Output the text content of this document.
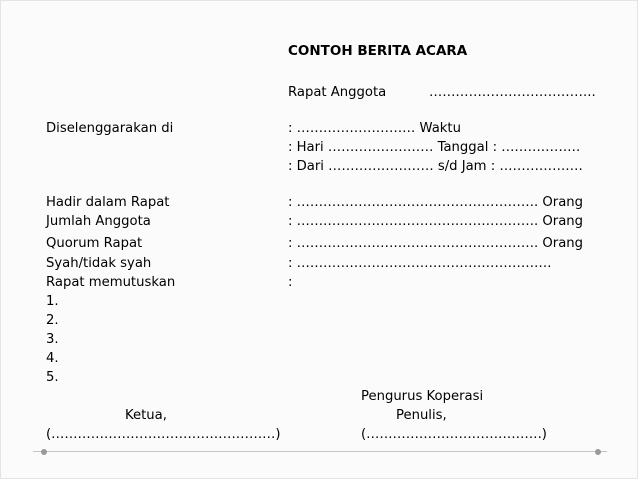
CONTOH BERITA ACARA
Rapat Anggota	………………………………..
Diselenggarakan di	: ……………………… Waktu
: Hari …………………… Tanggal : ………………
: Dari …………………… s/d Jam : ……………….
Hadir dalam Rapat	: ………………………………………………. Orang
Jumlah Anggota	: ………………………………………………. Orang
Quorum Rapat	: ………………………………………………. Orang
Syah/tidak syah	: ………………………………………………….
Rapat memutuskan	:
1.
2.
3.
4.
5.
Pengurus Koperasi
Ketua,	Penulis,
(……………………………………………)	(………………………………….)
